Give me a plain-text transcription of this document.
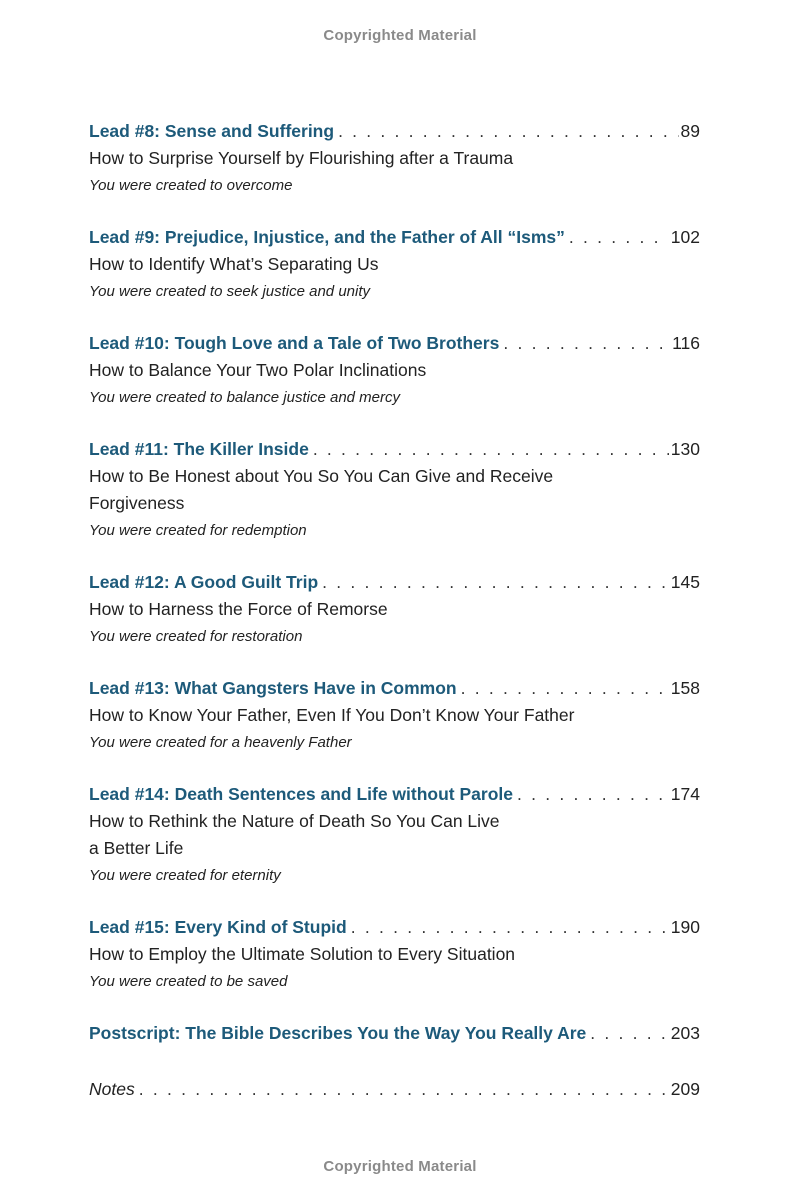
Copyrighted Material
Lead #8: Sense and Suffering . . .	89
How to Surprise Yourself by Flourishing after a Trauma
You were created to overcome
Lead #9: Prejudice, Injustice, and the Father of All “Isms” . . .	102
How to Identify What’s Separating Us
You were created to seek justice and unity
Lead #10: Tough Love and a Tale of Two Brothers . . .	116
How to Balance Your Two Polar Inclinations
You were created to balance justice and mercy
Lead #11: The Killer Inside . . .	130
How to Be Honest about You So You Can Give and Receive
Forgiveness
You were created for redemption
Lead #12: A Good Guilt Trip . . .	145
How to Harness the Force of Remorse
You were created for restoration
Lead #13: What Gangsters Have in Common . . .	158
How to Know Your Father, Even If You Don’t Know Your Father
You were created for a heavenly Father
Lead #14: Death Sentences and Life without Parole . . .	174
How to Rethink the Nature of Death So You Can Live
a Better Life
You were created for eternity
Lead #15: Every Kind of Stupid . . .	190
How to Employ the Ultimate Solution to Every Situation
You were created to be saved
Postscript: The Bible Describes You the Way You Really Are . . .	203
Notes . . .	209
Copyrighted Material
